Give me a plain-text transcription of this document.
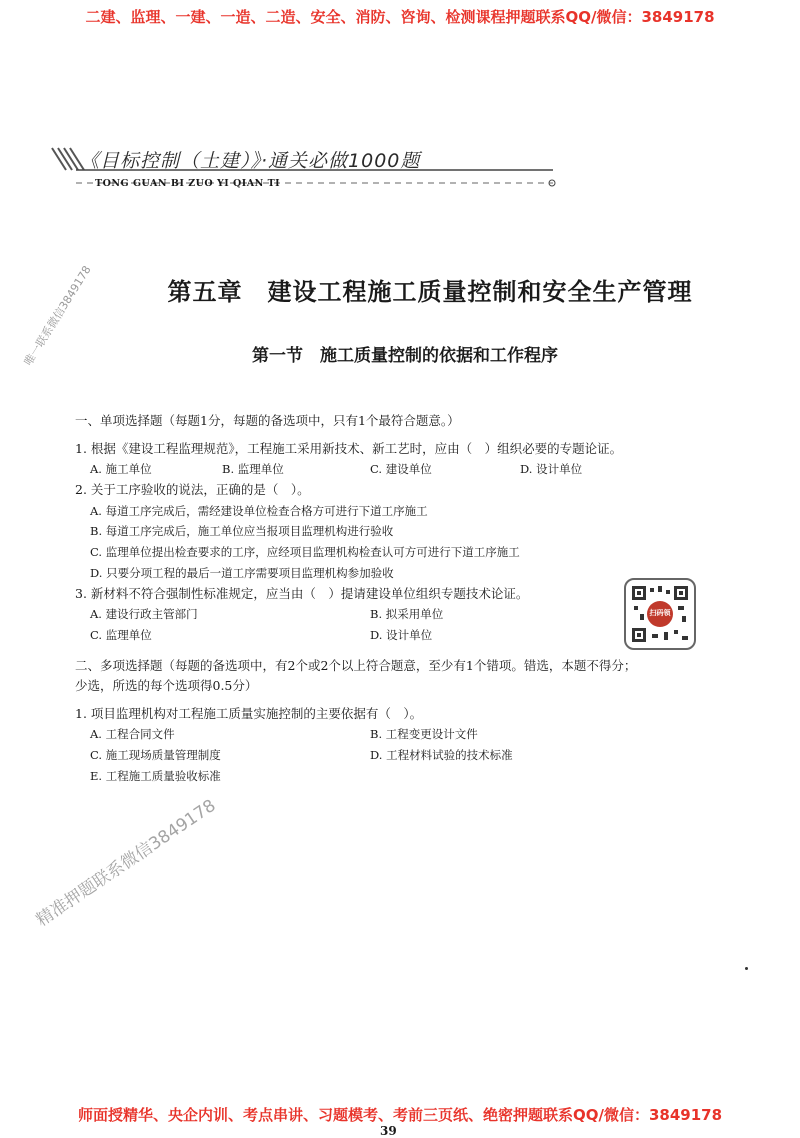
二建、监理、一建、一造、二造、安全、消防、咨询、检测课程押题联系QQ/微信：3849178
《目标控制（土建）》·通关必做1000题
TONG GUAN BI ZUO YI QIAN TI
第五章　建设工程施工质量控制和安全生产管理
第一节　施工质量控制的依据和工作程序
一、单项选择题（每题1分，每题的备选项中，只有1个最符合题意。）
1. 根据《建设工程监理规范》，工程施工采用新技术、新工艺时，应由（　）组织必要的专题论证。
A. 施工单位	B. 监理单位	C. 建设单位	D. 设计单位
2. 关于工序验收的说法，正确的是（　）。
A. 每道工序完成后，需经建设单位检查合格方可进行下道工序施工
B. 每道工序完成后，施工单位应当报项目监理机构进行验收
C. 监理单位提出检查要求的工序，应经项目监理机构检查认可方可进行下道工序施工
D. 只要分项工程的最后一道工序需要项目监理机构参加验收
3. 新材料不符合强制性标准规定，应当由（　）提请建设单位组织专题技术论证。
A. 建设行政主管部门	B. 拟采用单位
C. 监理单位	D. 设计单位
扫码领
二、多项选择题（每题的备选项中，有2个或2个以上符合题意，至少有1个错项。错选，本题不得分；
少选，所选的每个选项得0.5分）
1. 项目监理机构对工程施工质量实施控制的主要依据有（　）。
A. 工程合同文件	B. 工程变更设计文件
C. 施工现场质量管理制度	D. 工程材料试验的技术标准
E. 工程施工质量验收标准
唯一联系微信3849178
精准押题联系微信3849178
师面授精华、央企内训、考点串讲、习题模考、考前三页纸、绝密押题联系QQ/微信：3849178
39
